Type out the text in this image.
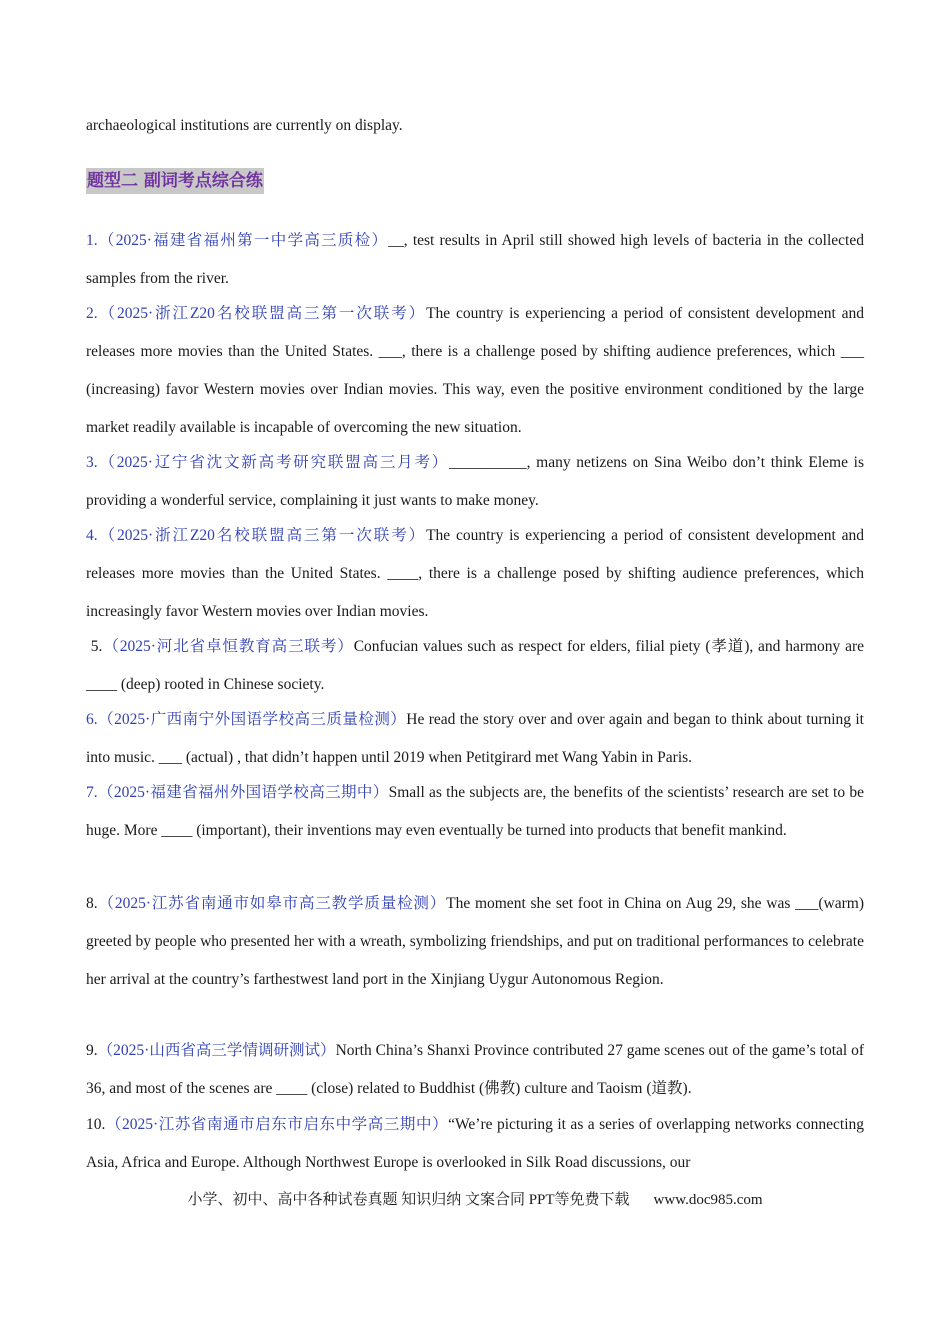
archaeological institutions are currently on display.
题型二 副词考点综合练
1.（2025·福建省福州第一中学高三质检）__, test results in April still showed high levels of bacteria in the collected samples from the river.
2.（2025·浙江Z20名校联盟高三第一次联考）The country is experiencing a period of consistent development and releases more movies than the United States. ___, there is a challenge posed by shifting audience preferences, which ___ (increasing) favor Western movies over Indian movies. This way, even the positive environment conditioned by the large market readily available is incapable of overcoming the new situation.
3.（2025·辽宁省沈文新高考研究联盟高三月考）__________, many netizens on Sina Weibo don’t think Eleme is providing a wonderful service, complaining it just wants to make money.
4.（2025·浙江Z20名校联盟高三第一次联考）The country is experiencing a period of consistent development and releases more movies than the United States. ____, there is a challenge posed by shifting audience preferences, which increasingly favor Western movies over Indian movies.
5.（2025·河北省卓恒教育高三联考）Confucian values such as respect for elders, filial piety (孝道), and harmony are ____ (deep) rooted in Chinese society.
6.（2025·广西南宁外国语学校高三质量检测）He read the story over and over again and began to think about turning it into music. ___ (actual) , that didn’t happen until 2019 when Petitgirard met Wang Yabin in Paris.
7.（2025·福建省福州外国语学校高三期中）Small as the subjects are, the benefits of the scientists’ research are set to be huge. More ____ (important), their inventions may even eventually be turned into products that benefit mankind.
8.（2025·江苏省南通市如皋市高三教学质量检测）The moment she set foot in China on Aug 29, she was ___(warm) greeted by people who presented her with a wreath, symbolizing friendships, and put on traditional performances to celebrate her arrival at the country’s farthestwest land port in the Xinjiang Uygur Autonomous Region.
9.（2025·山西省高三学情调研测试）North China’s Shanxi Province contributed 27 game scenes out of the game’s total of 36, and most of the scenes are ____ (close) related to Buddhist (佛教) culture and Taoism (道教).
10.（2025·江苏省南通市启东市启东中学高三期中）“We’re picturing it as a series of overlapping networks connecting Asia, Africa and Europe. Although Northwest Europe is overlooked in Silk Road discussions, our
小学、初中、高中各种试卷真题 知识归纳 文案合同 PPT等免费下载 www.doc985.com
